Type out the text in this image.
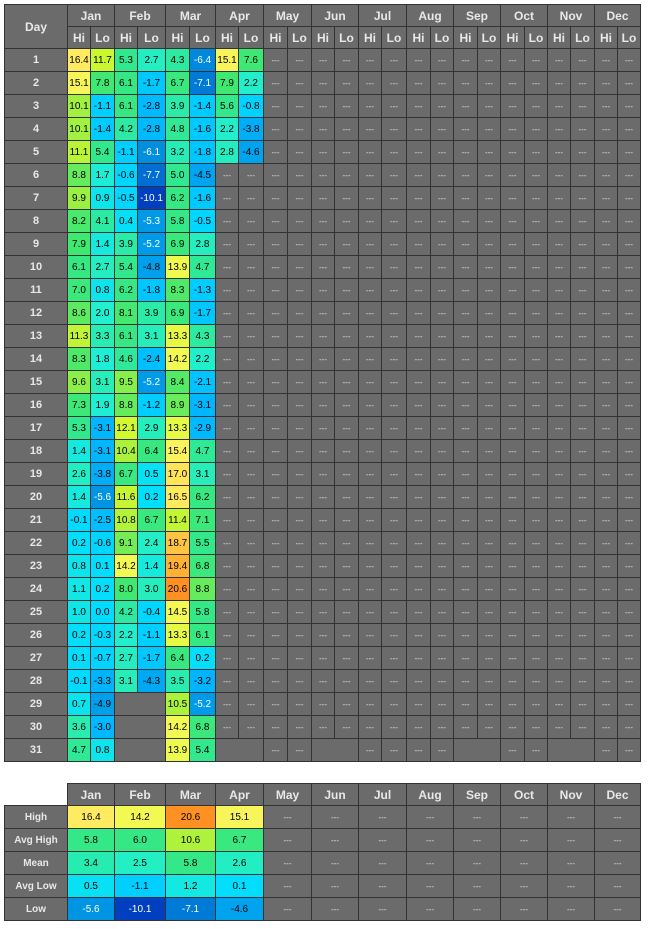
Day	Jan		Feb		Mar		Apr		May		Jun		Jul		Aug		Sep		Oct		Nov		Dec	
	Hi	Lo	Hi	Lo	Hi	Lo	Hi	Lo	Hi	Lo	Hi	Lo	Hi	Lo	Hi	Lo	Hi	Lo	Hi	Lo	Hi	Lo	Hi	Lo
1	16.4	11.7	5.3	2.7	4.3	-6.4	15.1	7.6	---	---	---	---	---	---	---	---	---	---	---	---	---	---	---	---
2	15.1	7.8	6.1	-1.7	6.7	-7.1	7.9	2.2	---	---	---	---	---	---	---	---	---	---	---	---	---	---	---	---
3	10.1	-1.1	6.1	-2.8	3.9	-1.4	5.6	-0.8	---	---	---	---	---	---	---	---	---	---	---	---	---	---	---	---
4	10.1	-1.4	4.2	-2.8	4.8	-1.6	2.2	-3.8	---	---	---	---	---	---	---	---	---	---	---	---	---	---	---	---
5	11.1	5.4	-1.1	-6.1	3.2	-1.8	2.8	-4.6	---	---	---	---	---	---	---	---	---	---	---	---	---	---	---	---
6	8.8	1.7	-0.6	-7.7	5.0	-4.5	---	---	---	---	---	---	---	---	---	---	---	---	---	---	---	---	---	---
7	9.9	0.9	-0.5	-10.1	6.2	-1.6	---	---	---	---	---	---	---	---	---	---	---	---	---	---	---	---	---	---
8	8.2	4.1	0.4	-5.3	5.8	-0.5	---	---	---	---	---	---	---	---	---	---	---	---	---	---	---	---	---	---
9	7.9	1.4	3.9	-5.2	6.9	2.8	---	---	---	---	---	---	---	---	---	---	---	---	---	---	---	---	---	---
10	6.1	2.7	5.4	-4.8	13.9	4.7	---	---	---	---	---	---	---	---	---	---	---	---	---	---	---	---	---	---
11	7.0	0.8	6.2	-1.8	8.3	-1.3	---	---	---	---	---	---	---	---	---	---	---	---	---	---	---	---	---	---
12	8.6	2.0	8.1	3.9	6.9	-1.7	---	---	---	---	---	---	---	---	---	---	---	---	---	---	---	---	---	---
13	11.3	3.3	6.1	3.1	13.3	4.3	---	---	---	---	---	---	---	---	---	---	---	---	---	---	---	---	---	---
14	8.3	1.8	4.6	-2.4	14.2	2.2	---	---	---	---	---	---	---	---	---	---	---	---	---	---	---	---	---	---
15	9.6	3.1	9.5	-5.2	8.4	-2.1	---	---	---	---	---	---	---	---	---	---	---	---	---	---	---	---	---	---
16	7.3	1.9	8.8	-1.2	8.9	-3.1	---	---	---	---	---	---	---	---	---	---	---	---	---	---	---	---	---	---
17	5.3	-3.1	12.1	2.9	13.3	-2.9	---	---	---	---	---	---	---	---	---	---	---	---	---	---	---	---	---	---
18	1.4	-3.1	10.4	6.4	15.4	4.7	---	---	---	---	---	---	---	---	---	---	---	---	---	---	---	---	---	---
19	2.6	-3.8	6.7	0.5	17.0	3.1	---	---	---	---	---	---	---	---	---	---	---	---	---	---	---	---	---	---
20	1.4	-5.6	11.6	0.2	16.5	6.2	---	---	---	---	---	---	---	---	---	---	---	---	---	---	---	---	---	---
21	-0.1	-2.5	10.8	6.7	11.4	7.1	---	---	---	---	---	---	---	---	---	---	---	---	---	---	---	---	---	---
22	0.2	-0.6	9.1	2.4	18.7	5.5	---	---	---	---	---	---	---	---	---	---	---	---	---	---	---	---	---	---
23	0.8	0.1	14.2	1.4	19.4	6.8	---	---	---	---	---	---	---	---	---	---	---	---	---	---	---	---	---	---
24	1.1	0.2	8.0	3.0	20.6	8.8	---	---	---	---	---	---	---	---	---	---	---	---	---	---	---	---	---	---
25	1.0	0.0	4.2	-0.4	14.5	5.8	---	---	---	---	---	---	---	---	---	---	---	---	---	---	---	---	---	---
26	0.2	-0.3	2.2	-1.1	13.3	6.1	---	---	---	---	---	---	---	---	---	---	---	---	---	---	---	---	---	---
27	0.1	-0.7	2.7	-1.7	6.4	0.2	---	---	---	---	---	---	---	---	---	---	---	---	---	---	---	---	---	---
28	-0.1	-3.3	3.1	-4.3	3.5	-3.2	---	---	---	---	---	---	---	---	---	---	---	---	---	---	---	---	---	---
29	0.7	-4.9			10.5	-5.2	---	---	---	---	---	---	---	---	---	---	---	---	---	---	---	---	---	---
30	3.6	-3.0			14.2	6.8	---	---	---	---	---	---	---	---	---	---	---	---	---	---	---	---	---	---
31	4.7	0.8			13.9	5.4			---	---			---	---	---	---			---	---			---	---
	Jan	Feb	Mar	Apr	May	Jun	Jul	Aug	Sep	Oct	Nov	Dec
High	16.4	14.2	20.6	15.1	---	---	---	---	---	---	---	---
Avg High	5.8	6.0	10.6	6.7	---	---	---	---	---	---	---	---
Mean	3.4	2.5	5.8	2.6	---	---	---	---	---	---	---	---
Avg Low	0.5	-1.1	1.2	0.1	---	---	---	---	---	---	---	---
Low	-5.6	-10.1	-7.1	-4.6	---	---	---	---	---	---	---	---
